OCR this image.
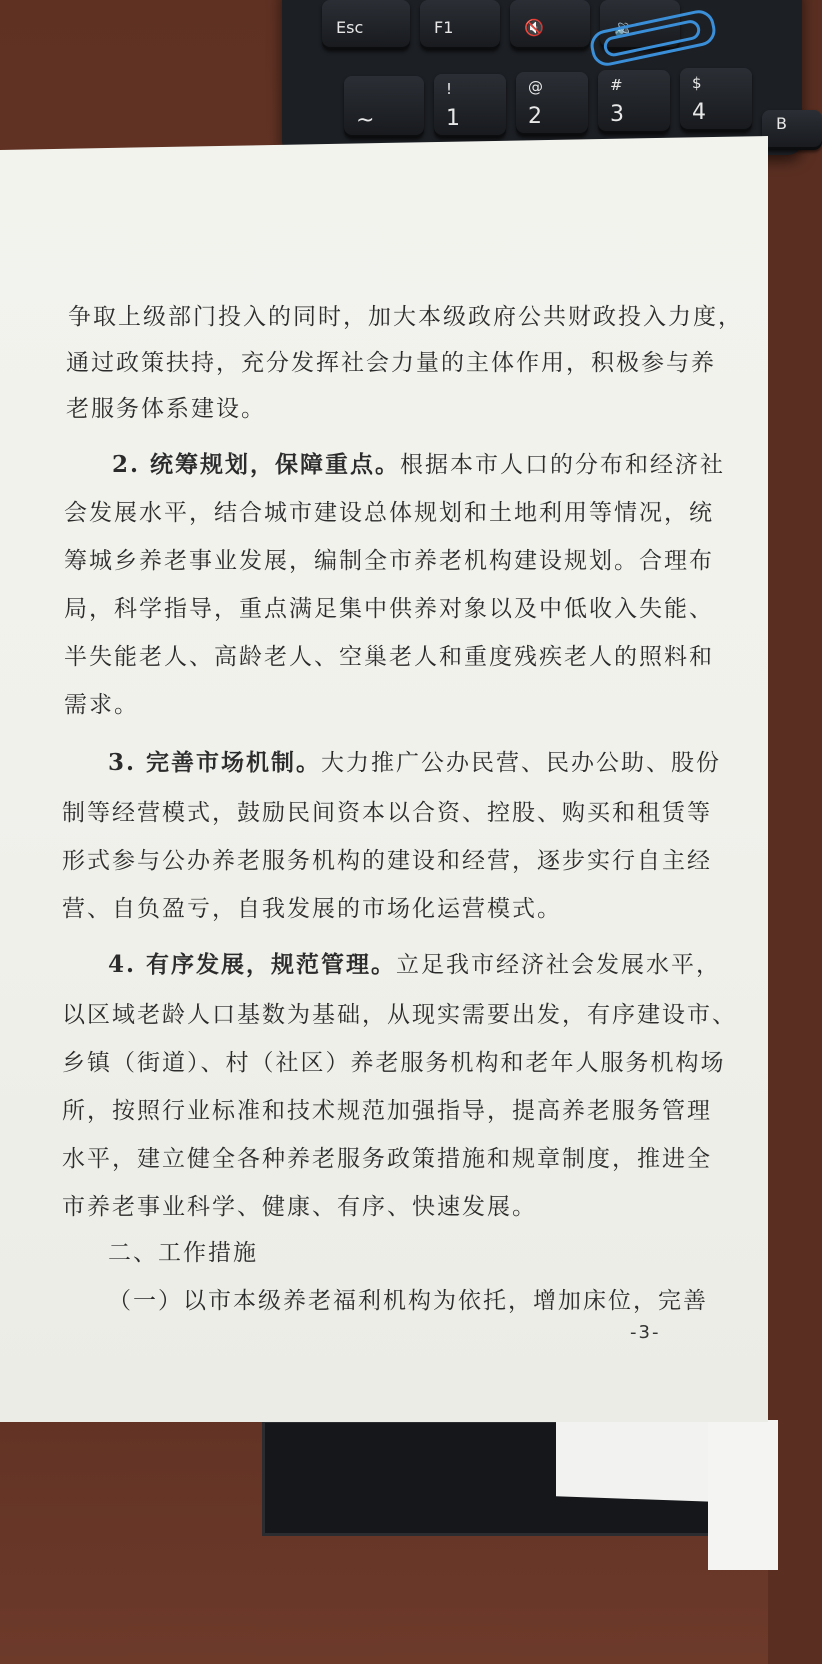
Esc	F1	🔇	🔉
~
!
1
@
2
#
3
$
4	B
争取上级部门投入的同时，加大本级政府公共财政投入力度，
通过政策扶持，充分发挥社会力量的主体作用，积极参与养
老服务体系建设。
2. 统筹规划，保障重点。根据本市人口的分布和经济社
会发展水平，结合城市建设总体规划和土地利用等情况，统
筹城乡养老事业发展，编制全市养老机构建设规划。合理布
局，科学指导，重点满足集中供养对象以及中低收入失能、
半失能老人、高龄老人、空巢老人和重度残疾老人的照料和
需求。
3. 完善市场机制。大力推广公办民营、民办公助、股份
制等经营模式，鼓励民间资本以合资、控股、购买和租赁等
形式参与公办养老服务机构的建设和经营，逐步实行自主经
营、自负盈亏，自我发展的市场化运营模式。
4. 有序发展，规范管理。立足我市经济社会发展水平，
以区域老龄人口基数为基础，从现实需要出发，有序建设市、
乡镇（街道）、村（社区）养老服务机构和老年人服务机构场
所，按照行业标准和技术规范加强指导，提高养老服务管理
水平，建立健全各种养老服务政策措施和规章制度，推进全
市养老事业科学、健康、有序、快速发展。
二、工作措施
（一）以市本级养老福利机构为依托，增加床位，完善
-3-
